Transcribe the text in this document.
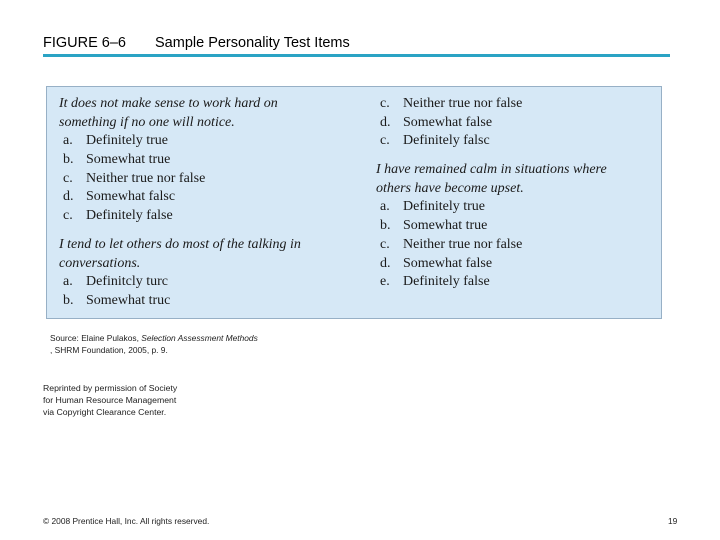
FIGURE 6–6 Sample Personality Test Items
It does not make sense to work hard on
something if no one will notice.
a. Definitely true
b. Somewhat true
c. Neither true nor false
d. Somewhat falsc
c. Definitely false
I tend to let others do most of the talking in
conversations.
a. Definitcly turc
b. Somewhat truc
c. Neither true nor false
d. Somewhat false
c. Definitely falsc
I have remained calm in situations where
others have become upset.
a. Definitely true
b. Somewhat true
c. Neither true nor false
d. Somewhat false
e. Definitely false
Source: Elaine Pulakos, Selection Assessment Methods
, SHRM Foundation, 2005, p. 9.
Reprinted by permission of Society for Human Resource Management via Copyright Clearance Center.
© 2008 Prentice Hall, Inc. All rights reserved.	19
